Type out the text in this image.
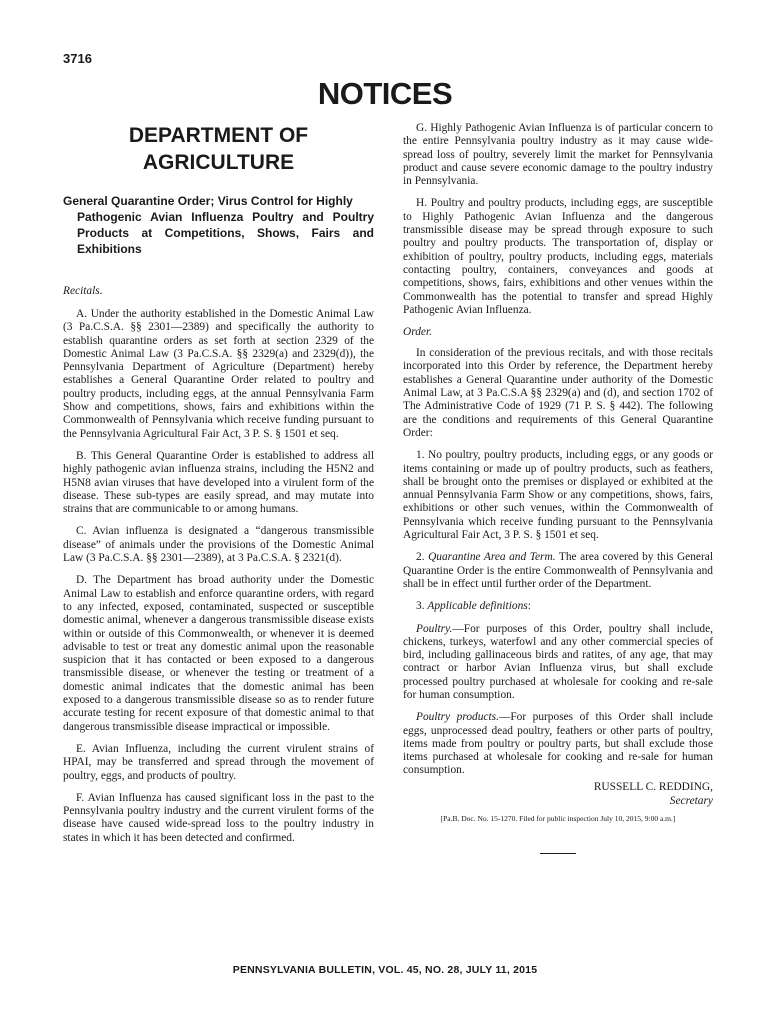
3716
NOTICES
DEPARTMENT OF
AGRICULTURE
General Quarantine Order; Virus Control for Highly
Pathogenic Avian Influenza Poultry and Poultry Products at Competitions, Shows, Fairs and Exhibitions

Recitals.

A. Under the authority established in the Domestic Animal Law (3 Pa.C.S.A. §§ 2301—2389) and specifically the authority to establish quarantine orders as set forth at section 2329 of the Domestic Animal Law (3 Pa.C.S.A. §§ 2329(a) and 2329(d)), the Pennsylvania Department of Agriculture (Department) hereby establishes a General Quarantine Order related to poultry and poultry products, including eggs, at the annual Pennsylvania Farm Show and competitions, shows, fairs and exhibitions within the Commonwealth of Pennsylvania which receive funding pursuant to the Pennsylvania Agricultural Fair Act, 3 P. S. § 1501 et seq.

B. This General Quarantine Order is established to address all highly pathogenic avian influenza strains, including the H5N2 and H5N8 avian viruses that have developed into a virulent form of the disease. These sub-types are easily spread, and may mutate into strains that are communicable to or among humans.

C. Avian influenza is designated a “dangerous transmissible disease” of animals under the provisions of the Domestic Animal Law (3 Pa.C.S.A. §§ 2301—2389), at 3 Pa.C.S.A. § 2321(d).

D. The Department has broad authority under the Domestic Animal Law to establish and enforce quarantine orders, with regard to any infected, exposed, contaminated, suspected or susceptible domestic animal, whenever a dangerous transmissible disease exists within or outside of this Commonwealth, or whenever it is deemed advisable to test or treat any domestic animal upon the reasonable suspicion that it has contacted or been exposed to a dangerous transmissible disease, or whenever the testing or treatment of a domestic animal indicates that the domestic animal has been exposed to a dangerous transmissible disease so as to render future accurate testing for recent exposure of that domestic animal to that dangerous transmissible disease impractical or impossible.

E. Avian Influenza, including the current virulent strains of HPAI, may be transferred and spread through the movement of poultry, eggs, and products of poultry.

F. Avian Influenza has caused significant loss in the past to the Pennsylvania poultry industry and the current virulent forms of the disease have caused wide-spread loss to the poultry industry in states in which it has been detected and confirmed.

G. Highly Pathogenic Avian Influenza is of particular concern to the entire Pennsylvania poultry industry as it may cause wide-spread loss of poultry, severely limit the market for Pennsylvania product and cause severe economic damage to the poultry industry in Pennsylvania.

H. Poultry and poultry products, including eggs, are susceptible to Highly Pathogenic Avian Influenza and the dangerous transmissible disease may be spread through exposure to such poultry and poultry products. The transportation of, display or exhibition of poultry, poultry products, including eggs, materials contacting poultry, containers, conveyances and goods at competitions, shows, fairs, exhibitions and other venues within the Commonwealth has the potential to transfer and spread Highly Pathogenic Avian Influenza.

Order.

In consideration of the previous recitals, and with those recitals incorporated into this Order by reference, the Department hereby establishes a General Quarantine under authority of the Domestic Animal Law, at 3 Pa.C.S.A §§ 2329(a) and (d), and section 1702 of The Administrative Code of 1929 (71 P. S. § 442). The following are the conditions and requirements of this General Quarantine Order:

1. No poultry, poultry products, including eggs, or any goods or items containing or made up of poultry products, such as feathers, shall be brought onto the premises or displayed or exhibited at the annual Pennsylvania Farm Show or any competitions, shows, fairs, exhibitions or other such venues, within the Commonwealth of Pennsylvania which receive funding pursuant to the Pennsylvania Agricultural Fair Act, 3 P. S. § 1501 et seq.

2. Quarantine Area and Term. The area covered by this General Quarantine Order is the entire Commonwealth of Pennsylvania and shall be in effect until further order of the Department.

3. Applicable definitions:

Poultry.—For purposes of this Order, poultry shall include, chickens, turkeys, waterfowl and any other commercial species of bird, including gallinaceous birds and ratites, of any age, that may contract or harbor Avian Influenza virus, but shall exclude processed poultry purchased at wholesale for cooking and re-sale for human consumption.

Poultry products.—For purposes of this Order shall include eggs, unprocessed dead poultry, feathers or other parts of poultry, items made from poultry or poultry parts, but shall exclude those items purchased at wholesale for cooking and re-sale for human consumption.

RUSSELL C. REDDING,

Secretary

[Pa.B. Doc. No. 15-1270. Filed for public inspection July 10, 2015, 9:00 a.m.]

PENNSYLVANIA BULLETIN, VOL. 45, NO. 28, JULY 11, 2015
